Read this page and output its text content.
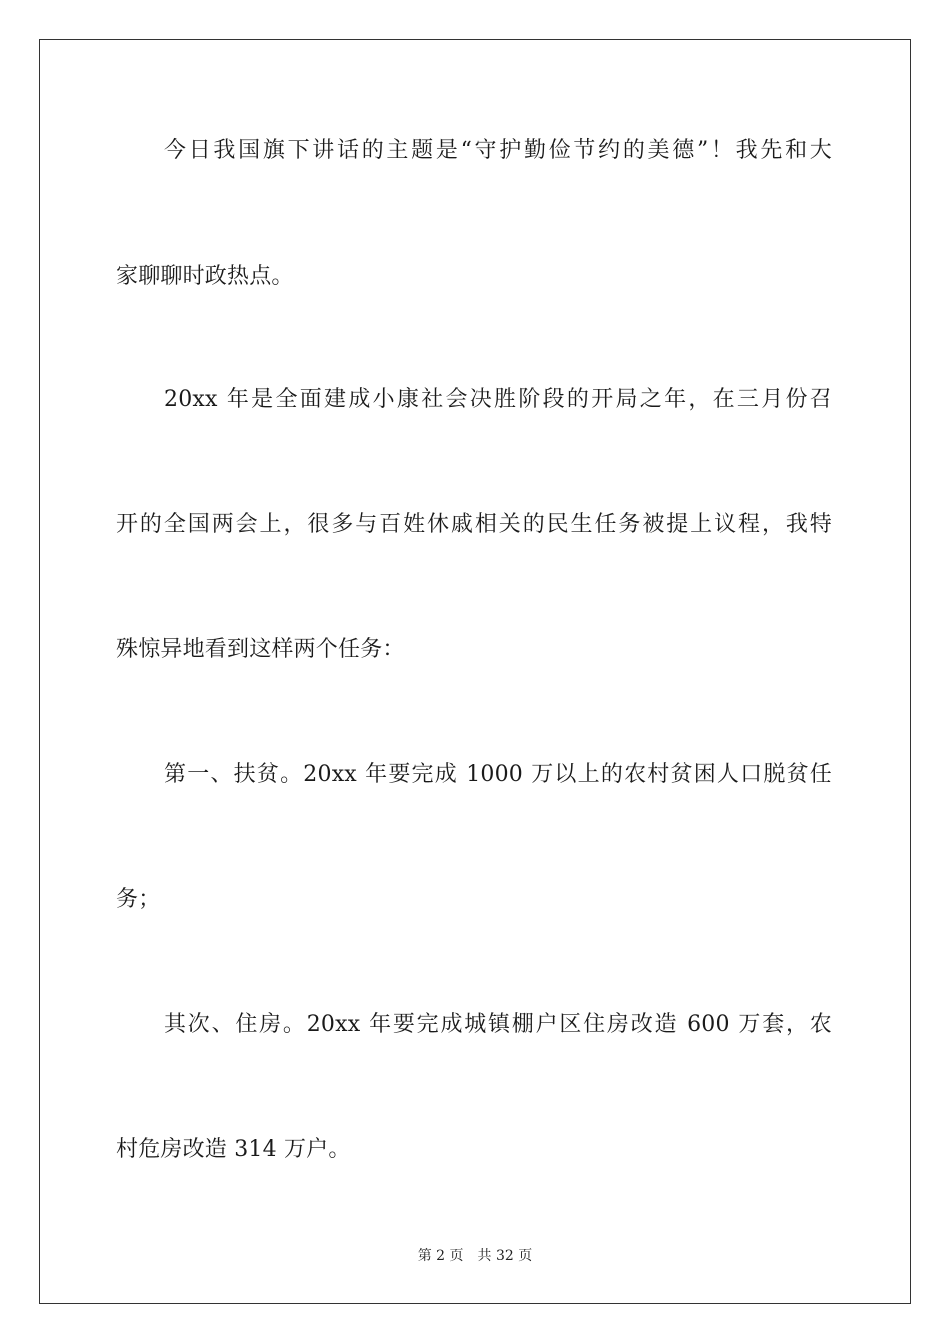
今日我国旗下讲话的主题是“守护勤俭节约的美德”！我先和大
家聊聊时政热点。
20xx 年是全面建成小康社会决胜阶段的开局之年，在三月份召
开的全国两会上，很多与百姓休戚相关的民生任务被提上议程，我特
殊惊异地看到这样两个任务：
第一、扶贫。20xx 年要完成 1000 万以上的农村贫困人口脱贫任
务；
其次、住房。20xx 年要完成城镇棚户区住房改造 600 万套，农
村危房改造 314 万户。
第 2 页 共 32 页
